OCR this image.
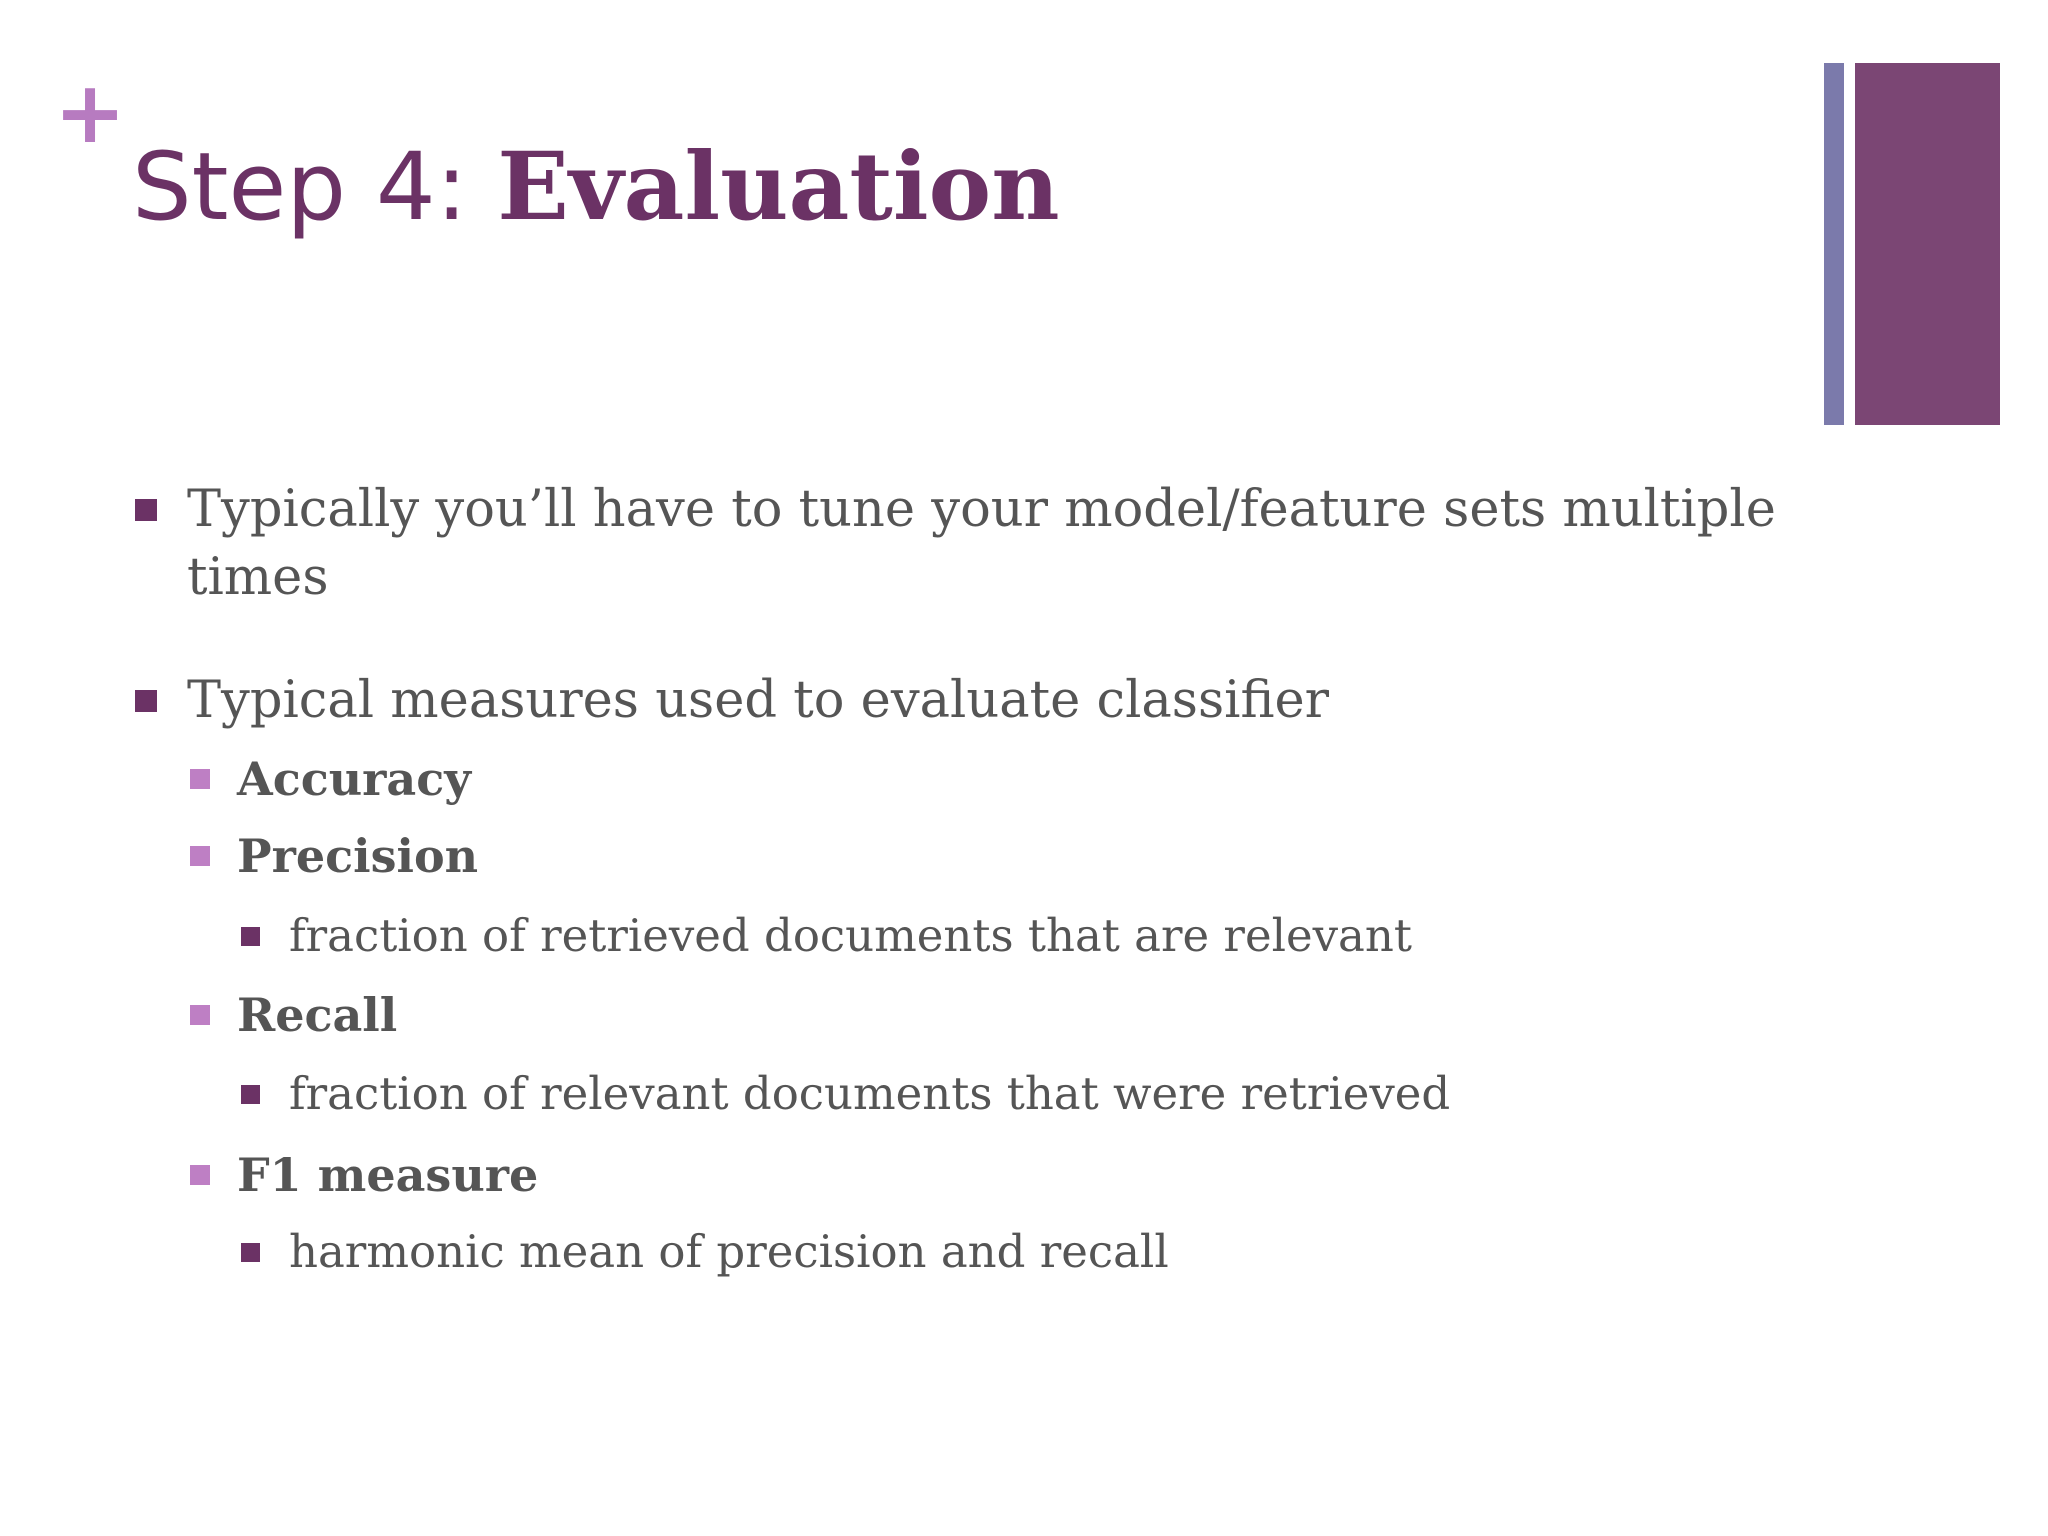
+
Step 4: Evaluation
Typically you’ll have to tune your model/feature sets multiple
times
Typical measures used to evaluate classifier
Accuracy
Precision
fraction of retrieved documents that are relevant
Recall
fraction of relevant documents that were retrieved
F1 measure
harmonic mean of precision and recall
